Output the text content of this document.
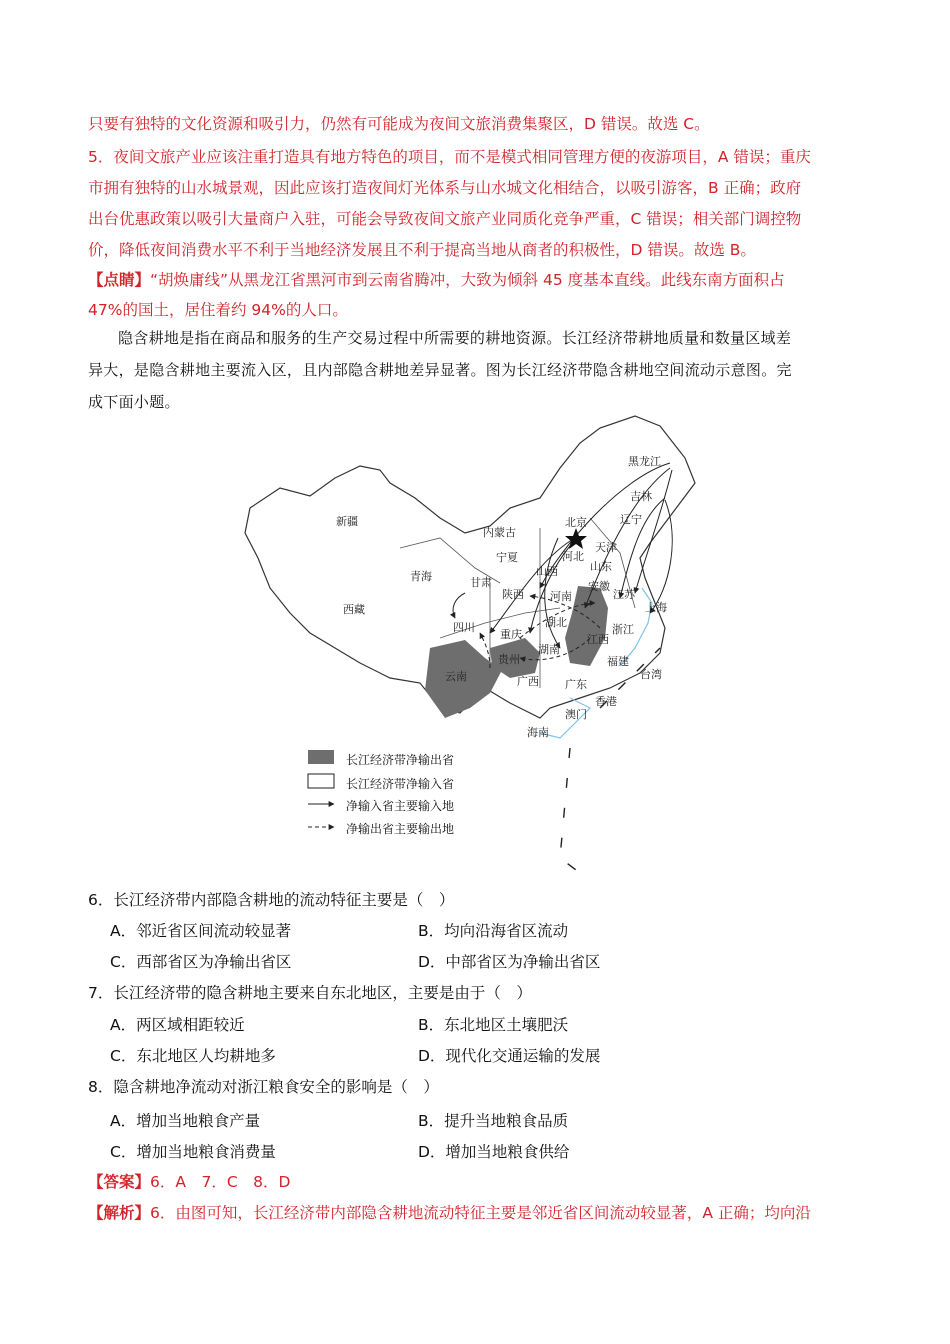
只要有独特的文化资源和吸引力，仍然有可能成为夜间文旅消费集聚区，D 错误。故选 C。
5．夜间文旅产业应该注重打造具有地方特色的项目，而不是模式相同管理方便的夜游项目，A 错误；重庆
市拥有独特的山水城景观，因此应该打造夜间灯光体系与山水城文化相结合，以吸引游客，B 正确；政府
出台优惠政策以吸引大量商户入驻，可能会导致夜间文旅产业同质化竞争严重，C 错误；相关部门调控物
价，降低夜间消费水平不利于当地经济发展且不利于提高当地从商者的积极性，D 错误。故选 B。
【点睛】“胡焕庸线”从黑龙江省黑河市到云南省腾冲，大致为倾斜 45 度基本直线。此线东南方面积占
47%的国土，居住着约 94%的人口。
隐含耕地是指在商品和服务的生产交易过程中所需要的耕地资源。长江经济带耕地质量和数量区域差
异大，是隐含耕地主要流入区，且内部隐含耕地差异显著。图为长江经济带隐含耕地空间流动示意图。完
成下面小题。
黑龙江
吉林
辽宁
北京
天津
河北
山东
内蒙古
新疆
青海
西藏
宁夏
甘肃
山西
陕西 河南	江苏
安徽
上海
浙江
湖北
四川
重庆	江西
湖南
贵州	福建
台湾
云南	广西 广东
香港
澳门
海南
长江经济带净输出省
长江经济带净输入省
净输入省主要输入地
净输出省主要输出地
6．长江经济带内部隐含耕地的流动特征主要是（　）
A．邻近省区间流动较显著	B．均向沿海省区流动
C．西部省区为净输出省区	D．中部省区为净输出省区
7．长江经济带的隐含耕地主要来自东北地区，主要是由于（　）
A．两区域相距较近	B．东北地区土壤肥沃
C．东北地区人均耕地多	D．现代化交通运输的发展
8．隐含耕地净流动对浙江粮食安全的影响是（　）
A．增加当地粮食产量	B．提升当地粮食品质
C．增加当地粮食消费量	D．增加当地粮食供给
【答案】6．A　7．C　8．D
【解析】6．由图可知，长江经济带内部隐含耕地流动特征主要是邻近省区间流动较显著，A 正确；均向沿
